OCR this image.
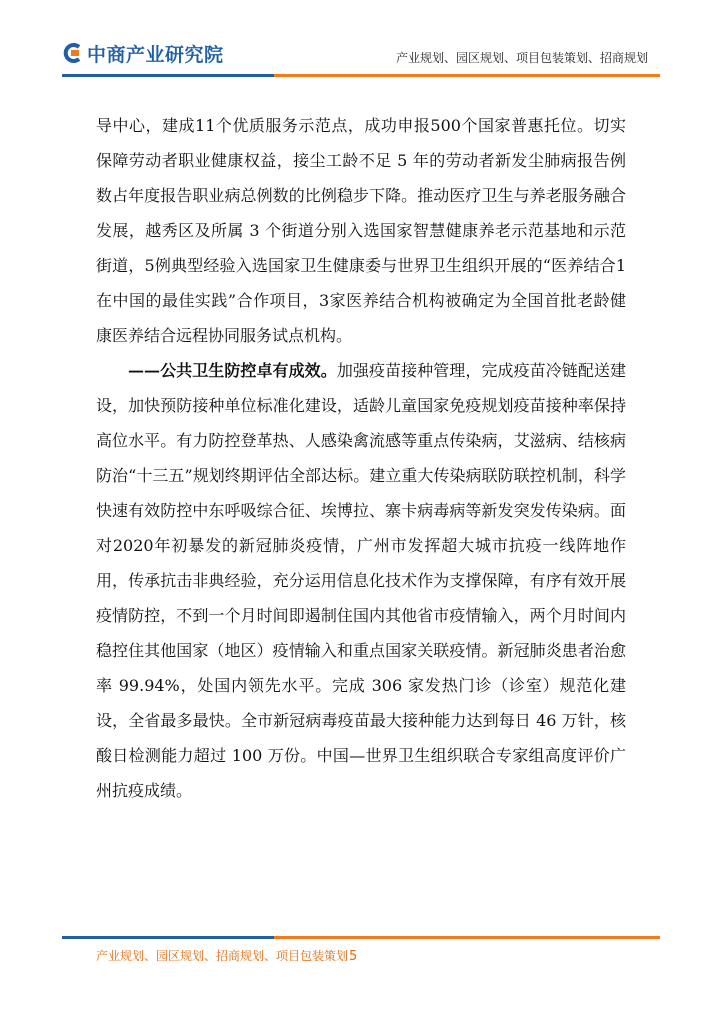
中商产业研究院	产业规划、园区规划、项目包装策划、招商规划

导中心，建成11个优质服务示范点，成功申报500个国家普惠托位。切实保障劳动者职业健康权益，接尘工龄不足 5 年的劳动者新发尘肺病报告例数占年度报告职业病总例数的比例稳步下降。推动医疗卫生与养老服务融合发展，越秀区及所属 3 个街道分别入选国家智慧健康养老示范基地和示范街道，5例典型经验入选国家卫生健康委与世界卫生组织开展的“医养结合1在中国的最佳实践”合作项目，3家医养结合机构被确定为全国首批老龄健康医养结合远程协同服务试点机构。

——公共卫生防控卓有成效。加强疫苗接种管理，完成疫苗冷链配送建设，加快预防接种单位标准化建设，适龄儿童国家免疫规划疫苗接种率保持高位水平。有力防控登革热、人感染禽流感等重点传染病，艾滋病、结核病防治“十三五”规划终期评估全部达标。建立重大传染病联防联控机制，科学快速有效防控中东呼吸综合征、埃博拉、寨卡病毒病等新发突发传染病。面对2020年初暴发的新冠肺炎疫情，广州市发挥超大城市抗疫一线阵地作用，传承抗击非典经验，充分运用信息化技术作为支撑保障，有序有效开展疫情防控，不到一个月时间即遏制住国内其他省市疫情输入，两个月时间内稳控住其他国家（地区）疫情输入和重点国家关联疫情。新冠肺炎患者治愈率 99.94%，处国内领先水平。完成 306 家发热门诊（诊室）规范化建设，全省最多最快。全市新冠病毒疫苗最大接种能力达到每日 46 万针，核酸日检测能力超过 100 万份。中国—世界卫生组织联合专家组高度评价广州抗疫成绩。

产业规划、园区规划、招商规划、项目包装策划5
